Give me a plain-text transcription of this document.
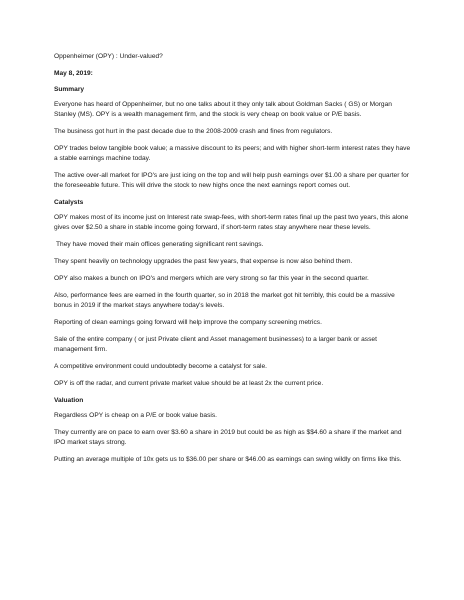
Oppenheimer (OPY) : Under-valued?

May 8, 2019:

Summary

Everyone has heard of Oppenheimer, but no one talks about it they only talk about Goldman Sacks ( GS) or Morgan Stanley (MS). OPY is a wealth management firm, and the stock is very cheap on book value or P/E basis.

The business got hurt in the past decade due to the 2008-2009 crash and fines from regulators.

OPY trades below tangible book value; a massive discount to its peers; and with higher short-term interest rates they have a stable earnings machine today.

The active over-all market for IPO's are just icing on the top and will help push earnings over $1.00 a share per quarter for the foreseeable future. This will drive the stock to new highs once the next earnings report comes out.

Catalysts

OPY makes most of its income just on Interest rate swap-fees, with short-term rates final up the past two years, this alone gives over $2.50 a share in stable income going forward, if short-term rates stay anywhere near these levels.

They have moved their main offices generating significant rent savings.

They spent heavily on technology upgrades the past few years, that expense is now also behind them.

OPY also makes a bunch on IPO's and mergers which are very strong so far this year in the second quarter.

Also, performance fees are earned in the fourth quarter, so in 2018 the market got hit terribly, this could be a massive bonus in 2019 if the market stays anywhere today's levels.

Reporting of clean earnings going forward will help improve the company screening metrics.

Sale of the entire company ( or just Private client and Asset management businesses) to a larger bank or asset management firm.

A competitive environment could undoubtedly become a catalyst for sale.

OPY is off the radar, and current private market value should be at least 2x the current price.

Valuation

Regardless OPY is cheap on a P/E or book value basis.

They currently are on pace to earn over $3.60 a share in 2019 but could be as high as $$4.60 a share if the market and IPO market stays strong.

Putting an average multiple of 10x gets us to $36.00 per share or $46.00 as earnings can swing wildly on firms like this.
